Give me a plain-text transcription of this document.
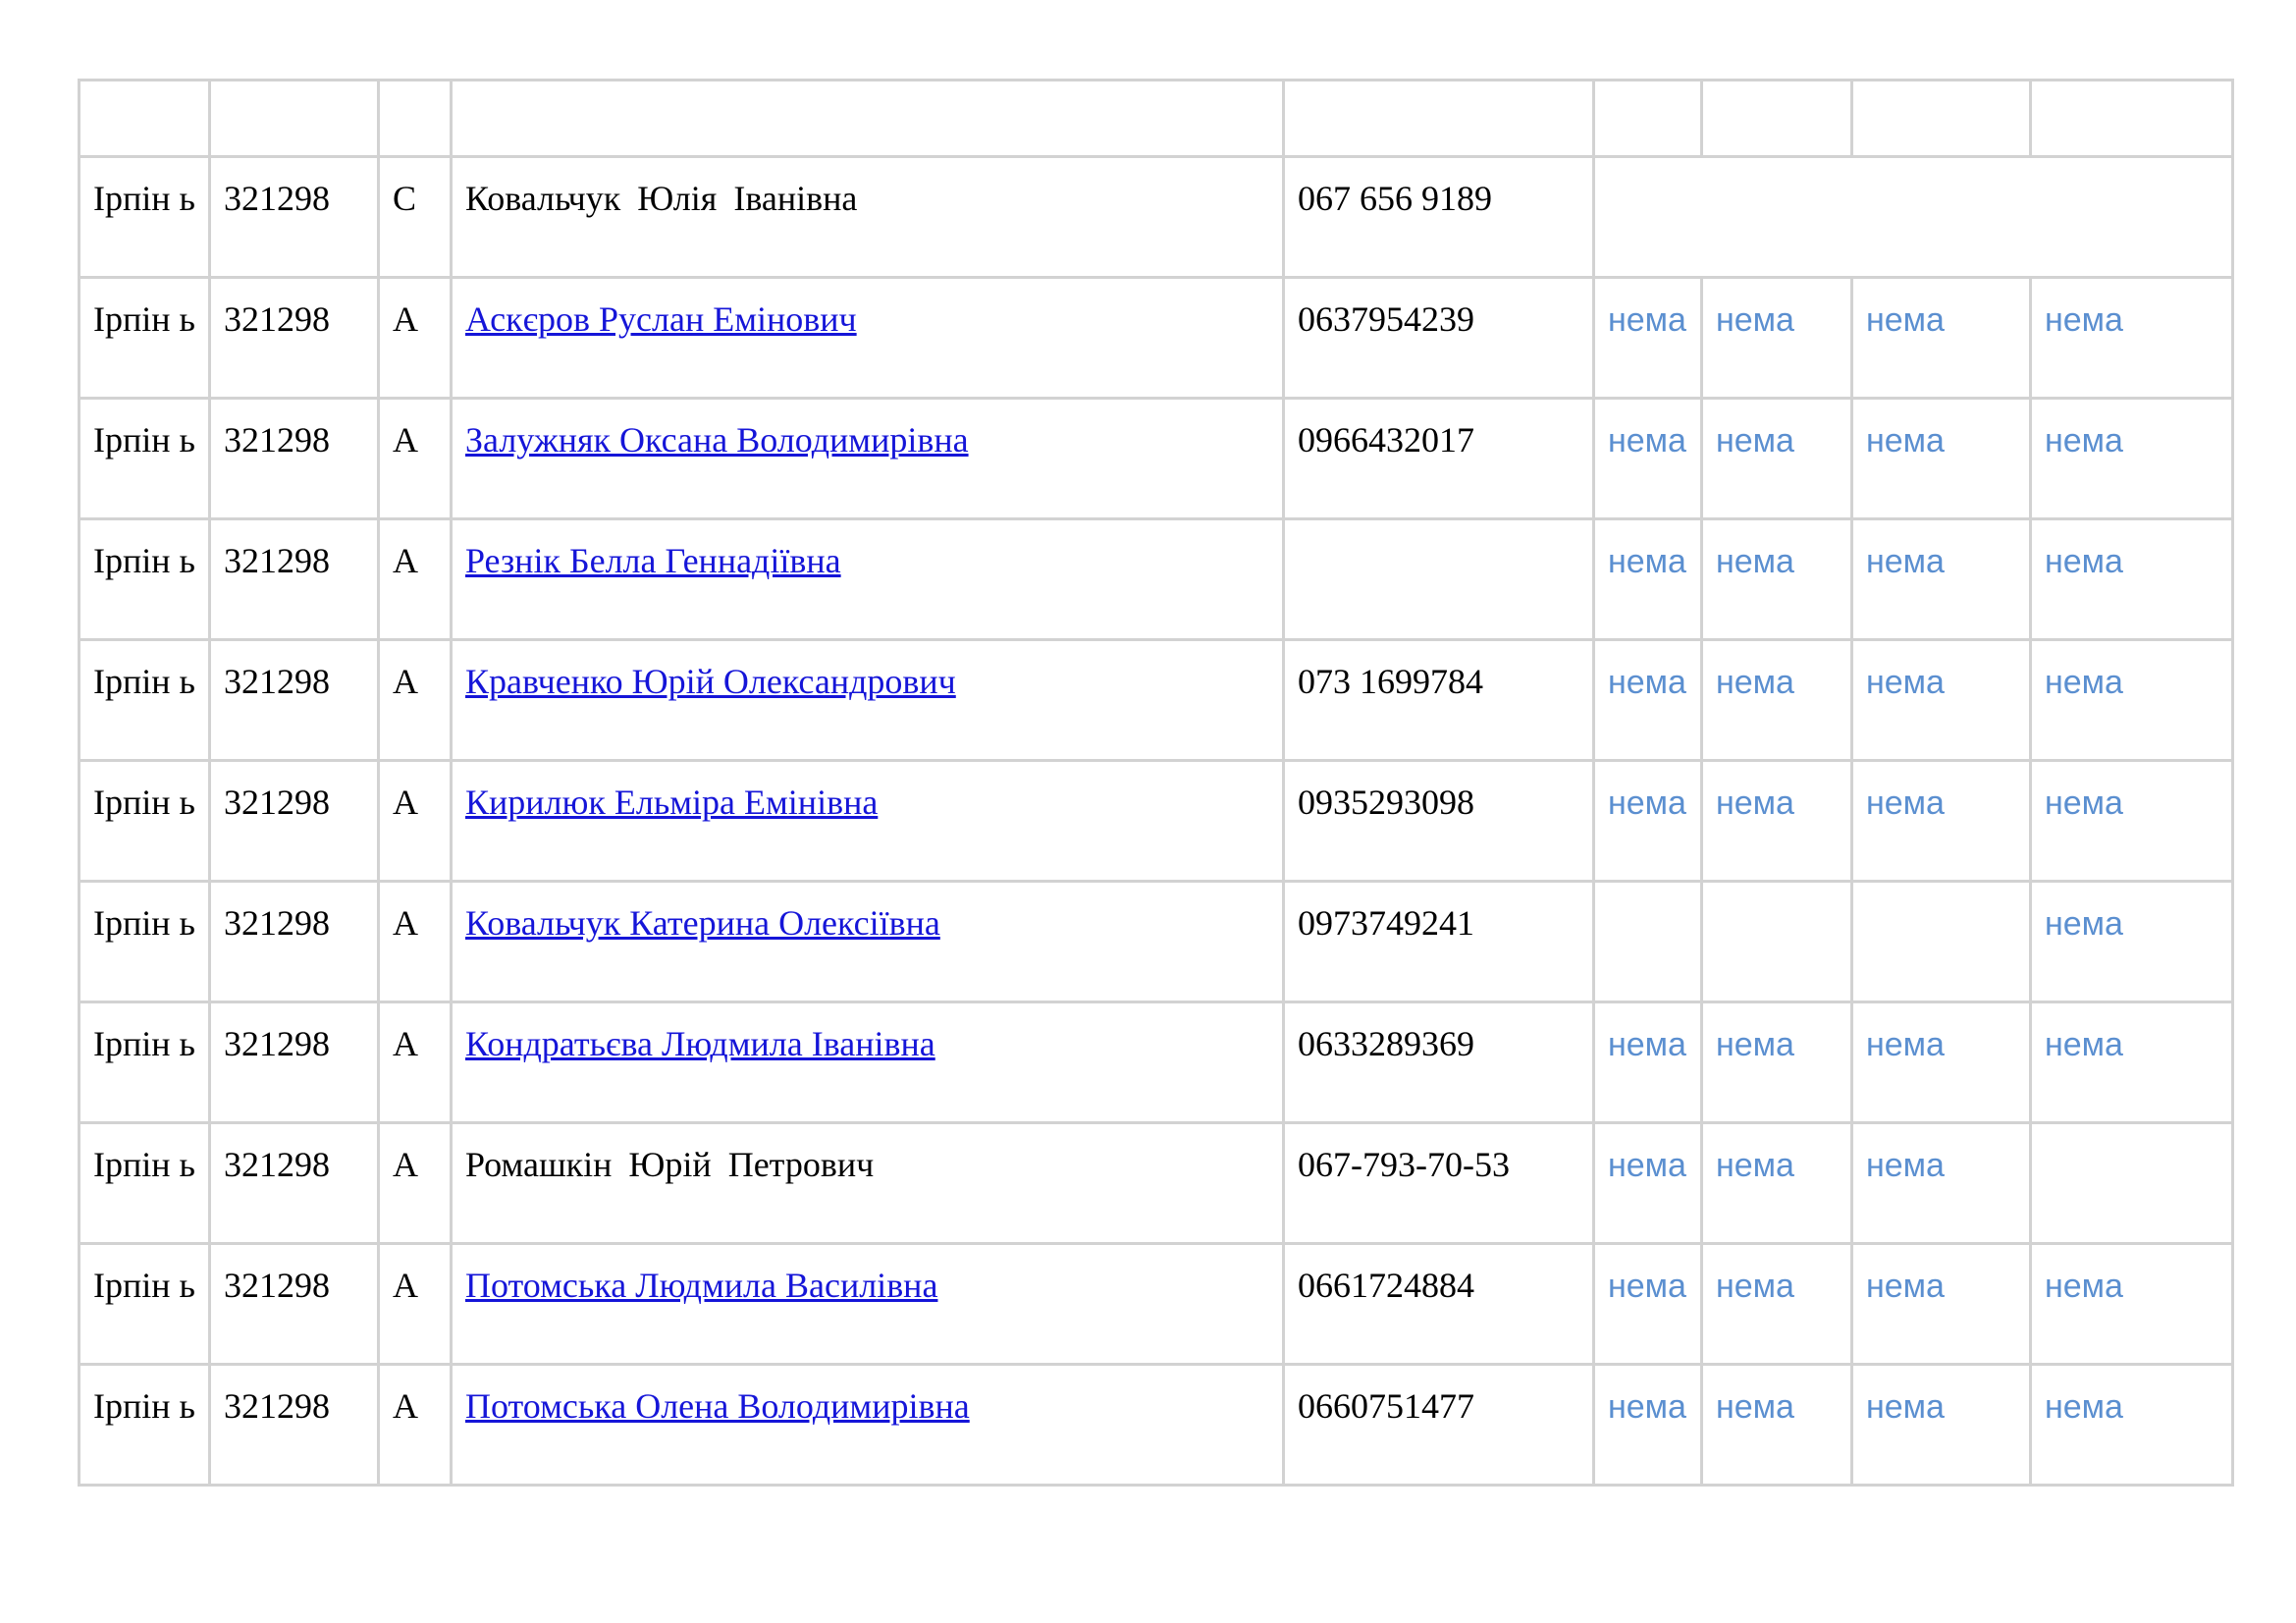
Ірпін ь	321298	С	Ковальчук Юлія Іванівна	067 656 9189				
Ірпін ь	321298	А	Аскєров Руслан Емінович	0637954239	нема	нема	нема	нема
Ірпін ь	321298	А	Залужняк Оксана Володимирівна	0966432017	нема	нема	нема	нема
Ірпін ь	321298	А	Резнік Белла Геннадіївна		нема	нема	нема	нема
Ірпін ь	321298	А	Кравченко Юрій Олександрович	073 1699784	нема	нема	нема	нема
Ірпін ь	321298	А	Кирилюк Ельміра Емінівна	0935293098	нема	нема	нема	нема
Ірпін ь	321298	А	Ковальчук Катерина Олексіївна	0973749241				нема
Ірпін ь	321298	А	Кондратьєва Людмила Іванівна	0633289369	нема	нема	нема	нема
Ірпін ь	321298	А	Ромашкін Юрій Петрович	067-793-70-53	нема	нема	нема	
Ірпін ь	321298	А	Потомська Людмила Василівна	0661724884	нема	нема	нема	нема
Ірпін ь	321298	А	Потомська Олена Володимирівна	0660751477	нема	нема	нема	нема
